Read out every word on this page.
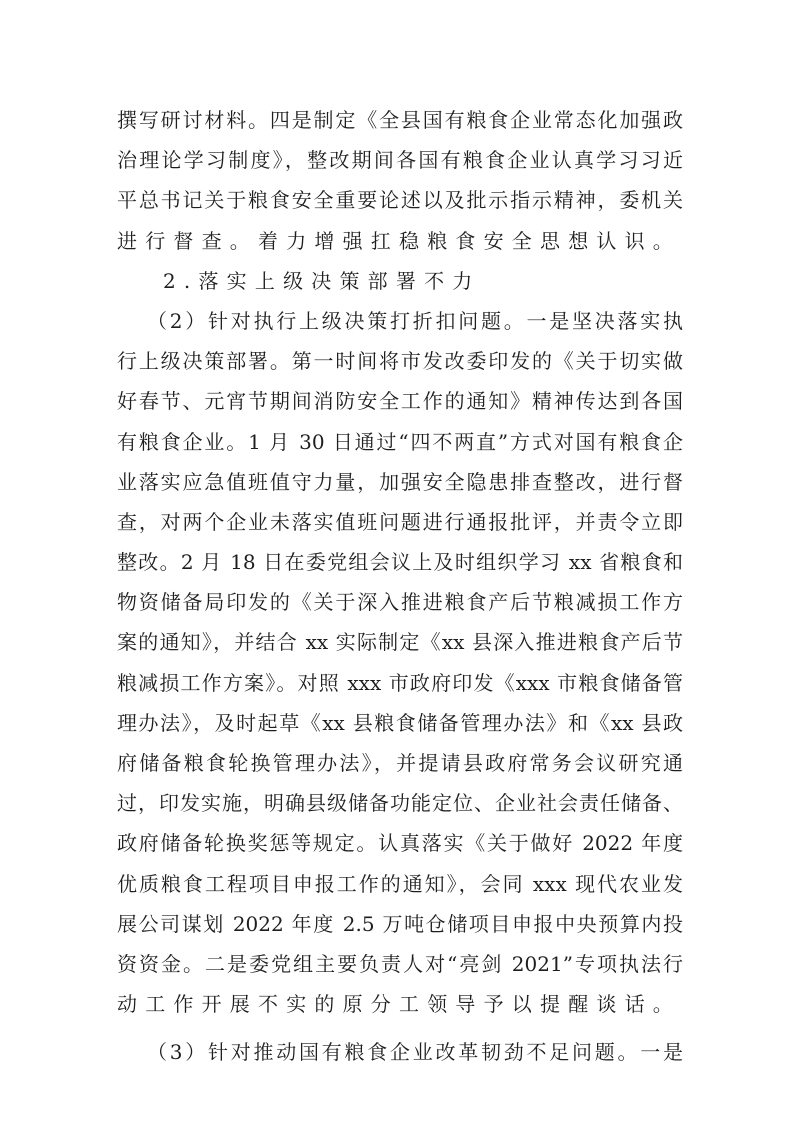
撰写研讨材料。四是制定《全县国有粮食企业常态化加强政
治理论学习制度》，整改期间各国有粮食企业认真学习习近
平总书记关于粮食安全重要论述以及批示指示精神，委机关
进行督查。着力增强扛稳粮食安全思想认识。
2.落实上级决策部署不力
（2）针对执行上级决策打折扣问题。一是坚决落实执
行上级决策部署。第一时间将市发改委印发的《关于切实做
好春节、元宵节期间消防安全工作的通知》精神传达到各国
有粮食企业。1 月 30 日通过“四不两直”方式对国有粮食企
业落实应急值班值守力量，加强安全隐患排查整改，进行督
查，对两个企业未落实值班问题进行通报批评，并责令立即
整改。2 月 18 日在委党组会议上及时组织学习 xx 省粮食和
物资储备局印发的《关于深入推进粮食产后节粮减损工作方
案的通知》，并结合 xx 实际制定《xx 县深入推进粮食产后节
粮减损工作方案》。对照 xxx 市政府印发《xxx 市粮食储备管
理办法》，及时起草《xx 县粮食储备管理办法》和《xx 县政
府储备粮食轮换管理办法》，并提请县政府常务会议研究通
过，印发实施，明确县级储备功能定位、企业社会责任储备、
政府储备轮换奖惩等规定。认真落实《关于做好 2022 年度
优质粮食工程项目申报工作的通知》，会同 xxx 现代农业发
展公司谋划 2022 年度 2.5 万吨仓储项目申报中央预算内投
资资金。二是委党组主要负责人对“亮剑 2021”专项执法行
动工作开展不实的原分工领导予以提醒谈话。
（3）针对推动国有粮食企业改革韧劲不足问题。一是
